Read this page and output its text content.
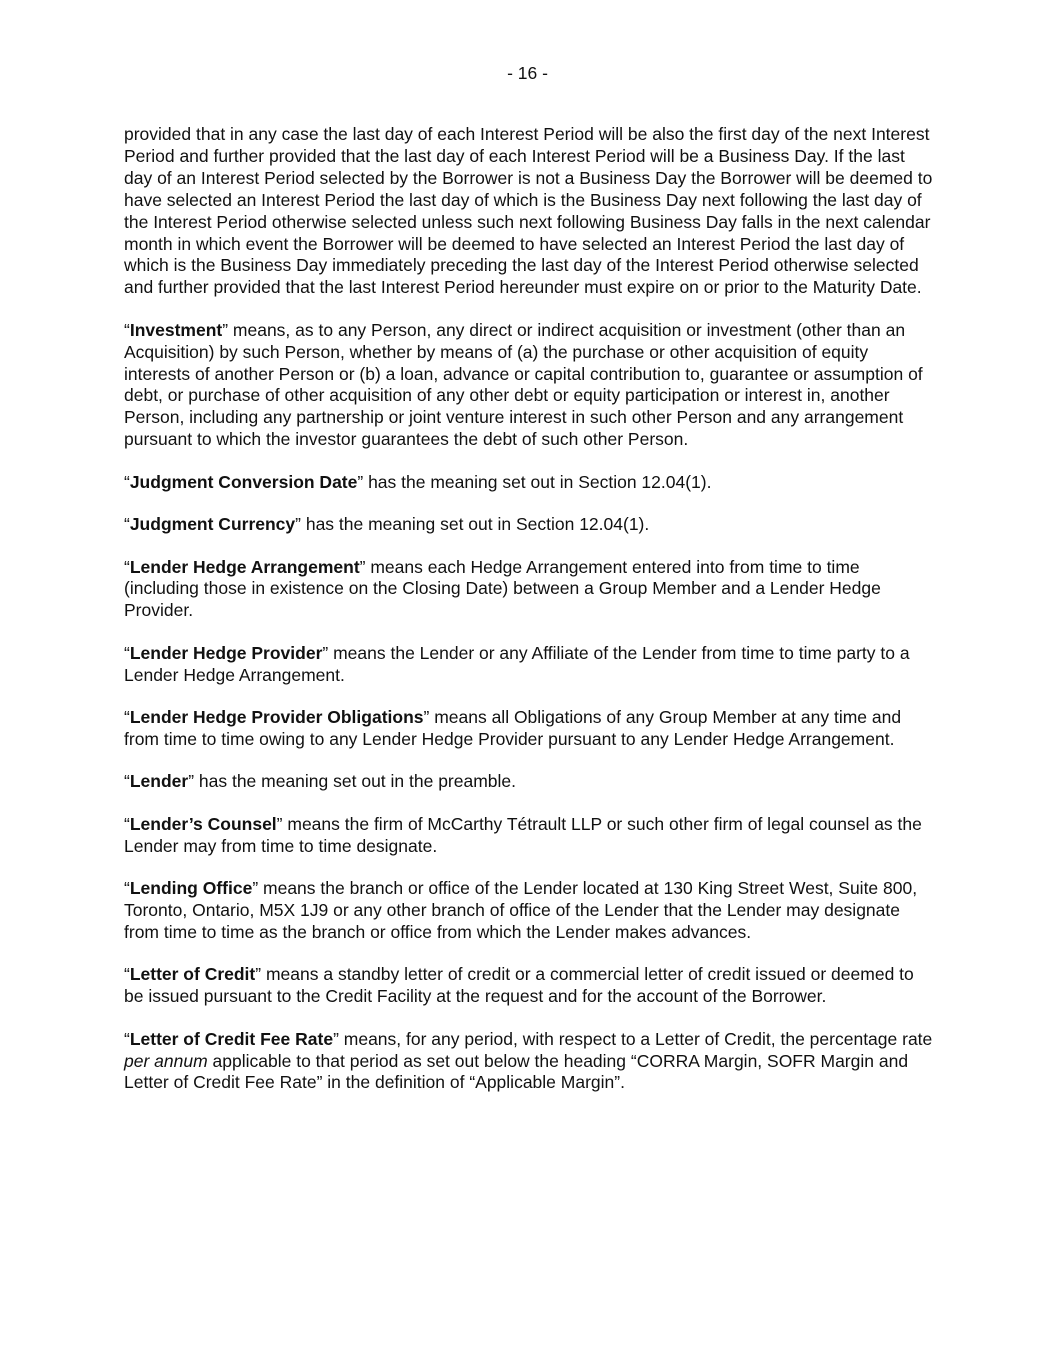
- 16 -

provided that in any case the last day of each Interest Period will be also the first day of the next Interest Period and further provided that the last day of each Interest Period will be a Business Day. If the last day of an Interest Period selected by the Borrower is not a Business Day the Borrower will be deemed to have selected an Interest Period the last day of which is the Business Day next following the last day of the Interest Period otherwise selected unless such next following Business Day falls in the next calendar month in which event the Borrower will be deemed to have selected an Interest Period the last day of which is the Business Day immediately preceding the last day of the Interest Period otherwise selected and further provided that the last Interest Period hereunder must expire on or prior to the Maturity Date.

“Investment” means, as to any Person, any direct or indirect acquisition or investment (other than an Acquisition) by such Person, whether by means of (a) the purchase or other acquisition of equity interests of another Person or (b) a loan, advance or capital contribution to, guarantee or assumption of debt, or purchase of other acquisition of any other debt or equity participation or interest in, another Person, including any partnership or joint venture interest in such other Person and any arrangement pursuant to which the investor guarantees the debt of such other Person.

“Judgment Conversion Date” has the meaning set out in Section 12.04(1).

“Judgment Currency” has the meaning set out in Section 12.04(1).

“Lender Hedge Arrangement” means each Hedge Arrangement entered into from time to time (including those in existence on the Closing Date) between a Group Member and a Lender Hedge Provider.

“Lender Hedge Provider” means the Lender or any Affiliate of the Lender from time to time party to a Lender Hedge Arrangement.

“Lender Hedge Provider Obligations” means all Obligations of any Group Member at any time and from time to time owing to any Lender Hedge Provider pursuant to any Lender Hedge Arrangement.

“Lender” has the meaning set out in the preamble.

“Lender’s Counsel” means the firm of McCarthy Tétrault LLP or such other firm of legal counsel as the Lender may from time to time designate.

“Lending Office” means the branch or office of the Lender located at 130 King Street West, Suite 800, Toronto, Ontario, M5X 1J9 or any other branch of office of the Lender that the Lender may designate from time to time as the branch or office from which the Lender makes advances.

“Letter of Credit” means a standby letter of credit or a commercial letter of credit issued or deemed to be issued pursuant to the Credit Facility at the request and for the account of the Borrower.

“Letter of Credit Fee Rate” means, for any period, with respect to a Letter of Credit, the percentage rate per annum applicable to that period as set out below the heading “CORRA Margin, SOFR Margin and Letter of Credit Fee Rate” in the definition of “Applicable Margin”.
